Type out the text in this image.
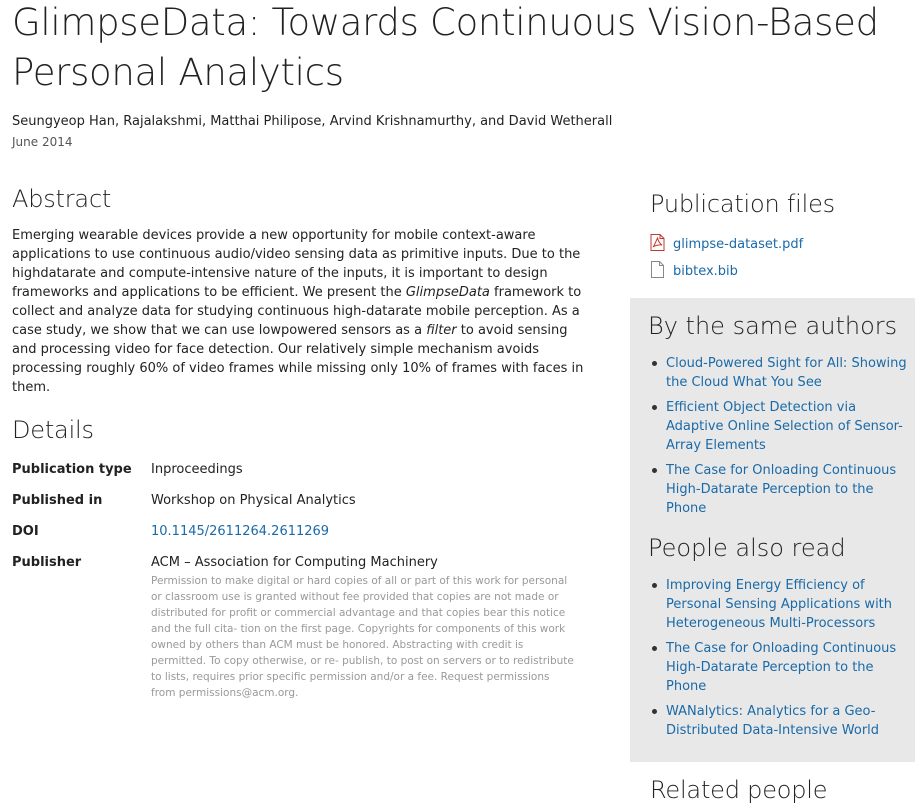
GlimpseData: Towards Continuous Vision-Based Personal Analytics
Seungyeop Han, Rajalakshmi, Matthai Philipose, Arvind Krishnamurthy, and David Wetherall
June 2014
Abstract

Emerging wearable devices provide a new opportunity for mobile context-aware applications to use continuous audio/video sensing data as primitive inputs. Due to the highdatarate and compute-intensive nature of the inputs, it is important to design frameworks and applications to be efficient. We present the GlimpseData framework to collect and analyze data for studying continuous high-datarate mobile perception. As a case study, we show that we can use lowpowered sensors as a filter to avoid sensing and processing video for face detection. Our relatively simple mechanism avoids processing roughly 60% of video frames while missing only 10% of frames with faces in them.

Details
Publication type Inproceedings
Published in	Workshop on Physical Analytics
DOI	10.1145/2611264.2611269
Publisher	ACM – Association for Computing Machinery
Permission to make digital or hard copies of all or part of this work for personal or classroom use is granted without fee provided that copies are not made or distributed for profit or commercial advantage and that copies bear this notice and the full cita- tion on the first page. Copyrights for components of this work owned by others than ACM must be honored. Abstracting with credit is permitted. To copy otherwise, or re- publish, to post on servers or to redistribute to lists, requires prior specific permission and/or a fee. Request permissions from permissions@acm.org.
Publication files
glimpse-dataset.pdf
bibtex.bib
By the same authors
Cloud-Powered Sight for All: Showing the Cloud What You See
Efficient Object Detection via Adaptive Online Selection of Sensor-Array Elements
The Case for Onloading Continuous High-Datarate Perception to the Phone
People also read
Improving Energy Efficiency of Personal Sensing Applications with Heterogeneous Multi-Processors
The Case for Onloading Continuous High-Datarate Perception to the Phone
WANalytics: Analytics for a Geo-Distributed Data-Intensive World
Related people
